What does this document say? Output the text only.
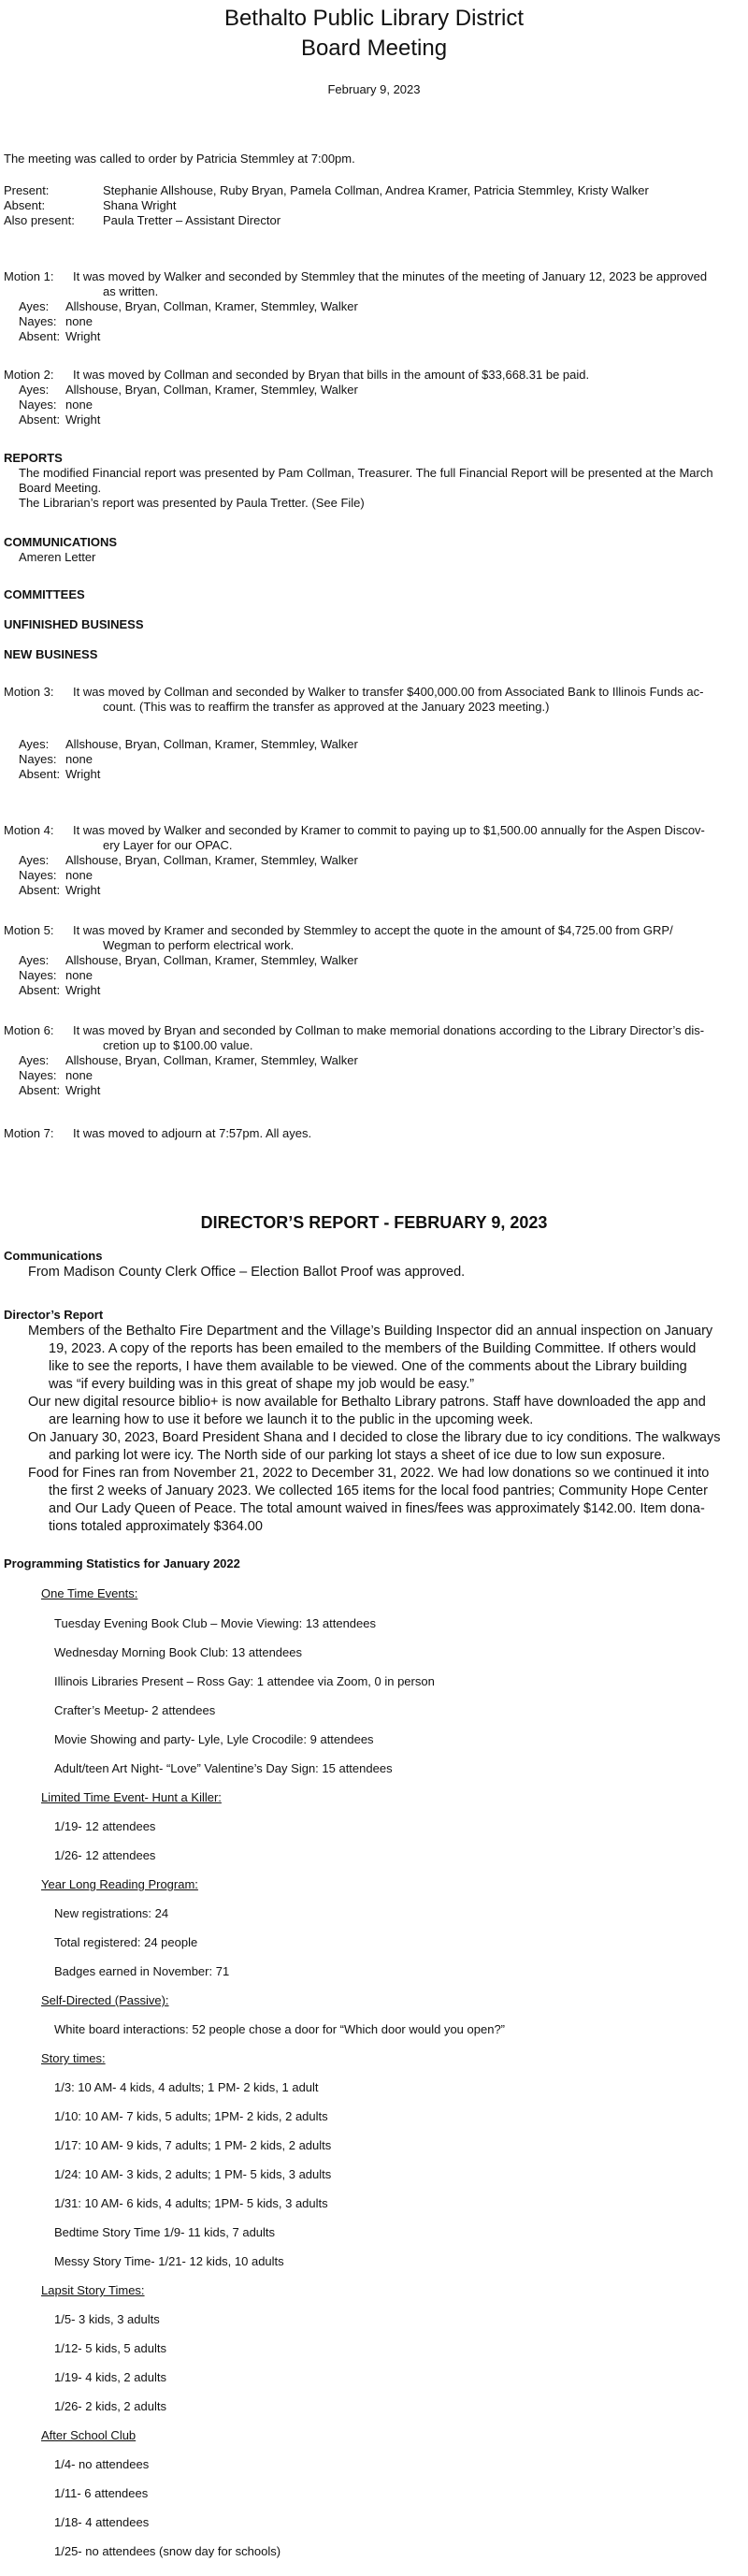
Bethalto Public Library District
Board Meeting
February 9, 2023
The meeting was called to order by Patricia Stemmley at 7:00pm.
Present:	Stephanie Allshouse, Ruby Bryan, Pamela Collman, Andrea Kramer, Patricia Stemmley, Kristy Walker
Absent:	Shana Wright
Also present: Paula Tretter – Assistant Director
Motion 1: It was moved by Walker and seconded by Stemmley that the minutes of the meeting of January 12, 2023 be approved
as written.
Ayes: Allshouse, Bryan, Collman, Kramer, Stemmley, Walker
Nayes: none
Absent: Wright
Motion 2: It was moved by Collman and seconded by Bryan that bills in the amount of $33,668.31 be paid.
Ayes: Allshouse, Bryan, Collman, Kramer, Stemmley, Walker
Nayes: none
Absent: Wright
REPORTS
The modified Financial report was presented by Pam Collman, Treasurer. The full Financial Report will be presented at the March
Board Meeting.
The Librarian’s report was presented by Paula Tretter. (See File)
COMMUNICATIONS
Ameren Letter
COMMITTEES
UNFINISHED BUSINESS
NEW BUSINESS
Motion 3: It was moved by Collman and seconded by Walker to transfer $400,000.00 from Associated Bank to Illinois Funds ac-
count. (This was to reaffirm the transfer as approved at the January 2023 meeting.)
Ayes: Allshouse, Bryan, Collman, Kramer, Stemmley, Walker
Nayes: none
Absent: Wright
Motion 4: It was moved by Walker and seconded by Kramer to commit to paying up to $1,500.00 annually for the Aspen Discov-
ery Layer for our OPAC.
Ayes: Allshouse, Bryan, Collman, Kramer, Stemmley, Walker
Nayes: none
Absent: Wright
Motion 5: It was moved by Kramer and seconded by Stemmley to accept the quote in the amount of $4,725.00 from GRP/
Wegman to perform electrical work.
Ayes: Allshouse, Bryan, Collman, Kramer, Stemmley, Walker
Nayes: none
Absent: Wright
Motion 6: It was moved by Bryan and seconded by Collman to make memorial donations according to the Library Director’s dis-
cretion up to $100.00 value.
Ayes: Allshouse, Bryan, Collman, Kramer, Stemmley, Walker
Nayes: none
Absent: Wright
Motion 7: It was moved to adjourn at 7:57pm. All ayes.
DIRECTOR’S REPORT - FEBRUARY 9, 2023
Communications
From Madison County Clerk Office – Election Ballot Proof was approved.
Director’s Report
Members of the Bethalto Fire Department and the Village’s Building Inspector did an annual inspection on January
19, 2023. A copy of the reports has been emailed to the members of the Building Committee. If others would
like to see the reports, I have them available to be viewed. One of the comments about the Library building
was “if every building was in this great of shape my job would be easy.”
Our new digital resource biblio+ is now available for Bethalto Library patrons. Staff have downloaded the app and
are learning how to use it before we launch it to the public in the upcoming week.
On January 30, 2023, Board President Shana and I decided to close the library due to icy conditions. The walkways
and parking lot were icy. The North side of our parking lot stays a sheet of ice due to low sun exposure.
Food for Fines ran from November 21, 2022 to December 31, 2022. We had low donations so we continued it into
the first 2 weeks of January 2023. We collected 165 items for the local food pantries; Community Hope Center
and Our Lady Queen of Peace. The total amount waived in fines/fees was approximately $142.00. Item dona-
tions totaled approximately $364.00
Programming Statistics for January 2022
One Time Events:
Tuesday Evening Book Club – Movie Viewing: 13 attendees
Wednesday Morning Book Club: 13 attendees
Illinois Libraries Present – Ross Gay: 1 attendee via Zoom, 0 in person
Crafter’s Meetup- 2 attendees
Movie Showing and party- Lyle, Lyle Crocodile: 9 attendees
Adult/teen Art Night- “Love” Valentine’s Day Sign: 15 attendees
Limited Time Event- Hunt a Killer:
1/19- 12 attendees
1/26- 12 attendees
Year Long Reading Program:
New registrations: 24
Total registered: 24 people
Badges earned in November: 71
Self-Directed (Passive):
White board interactions: 52 people chose a door for “Which door would you open?”
Story times:
1/3: 10 AM- 4 kids, 4 adults; 1 PM- 2 kids, 1 adult
1/10: 10 AM- 7 kids, 5 adults; 1PM- 2 kids, 2 adults
1/17: 10 AM- 9 kids, 7 adults; 1 PM- 2 kids, 2 adults
1/24: 10 AM- 3 kids, 2 adults; 1 PM- 5 kids, 3 adults
1/31: 10 AM- 6 kids, 4 adults; 1PM- 5 kids, 3 adults
Bedtime Story Time 1/9- 11 kids, 7 adults
Messy Story Time- 1/21- 12 kids, 10 adults
Lapsit Story Times:
1/5- 3 kids, 3 adults
1/12- 5 kids, 5 adults
1/19- 4 kids, 2 adults
1/26- 2 kids, 2 adults
After School Club
1/4- no attendees
1/11- 6 attendees
1/18- 4 attendees
1/25- no attendees (snow day for schools)
